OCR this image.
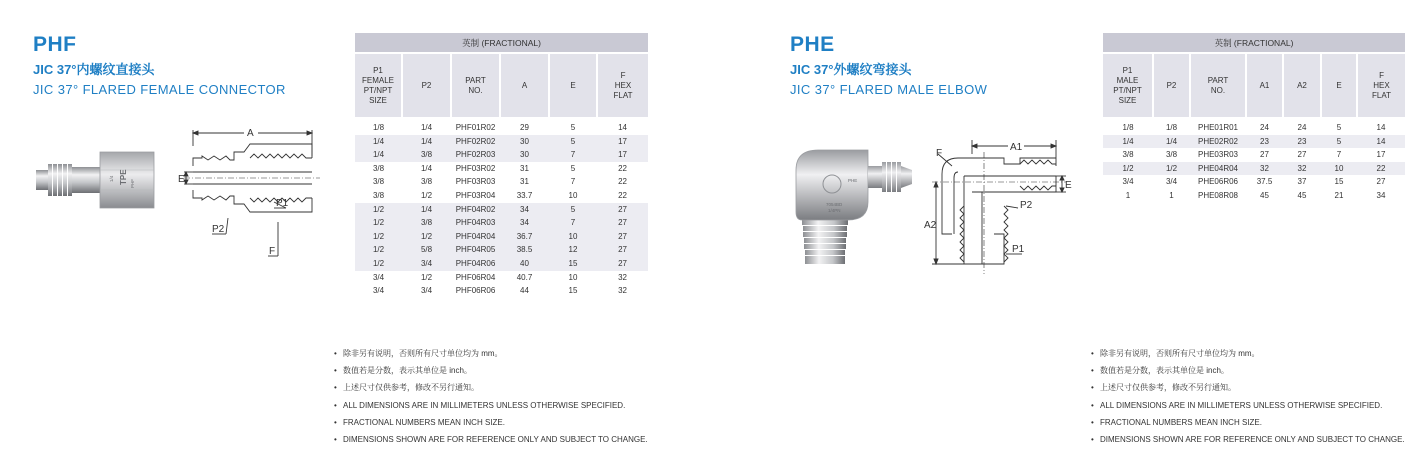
PHF

JIC 37°内螺纹直接头

JIC 37° FLARED FEMALE CONNECTOR

TPE PHF
1/4
A
E
P1
P2
F
英制 (FRACTIONAL)					
P1
FEMALE
PT/NPT
SIZE	P2	PART
NO.	A	E	F
HEX
FLAT
1/8	1/4	PHF01R02	29	5	14
1/4	1/4	PHF02R02	30	5	17
1/4	3/8	PHF02R03	30	7	17
3/8	1/4	PHF03R02	31	5	22
3/8	3/8	PHF03R03	31	7	22
3/8	1/2	PHF03R04	33.7	10	22
1/2	1/4	PHF04R02	34	5	27
1/2	3/8	PHF04R03	34	7	27
1/2	1/2	PHF04R04	36.7	10	27
1/2	5/8	PHF04R05	38.5	12	27
1/2	3/4	PHF04R06	40	15	27
3/4	1/2	PHF06R04	40.7	10	32
3/4	3/4	PHF06R06	44	15	32
• 除非另有说明，否则所有尺寸单位均为 mm。
• 数值若是分数，表示其单位是 inch。
• 上述尺寸仅供参考，修改不另行通知。
• ALL DIMENSIONS ARE IN MILLIMETERS UNLESS OTHERWISE SPECIFIED.
• FRACTIONAL NUMBERS MEAN INCH SIZE.
• DIMENSIONS SHOWN ARE FOR REFERENCE ONLY AND SUBJECT TO CHANGE.
PHE

JIC 37°外螺纹弯接头

JIC 37° FLARED MALE ELBOW

7054BD
1/4PN
PHE
A1
A2
E
F
P2
P1
英制 (FRACTIONAL)						
P1
MALE
PT/NPT
SIZE	P2	PART
NO.	A1	A2	E	F
HEX
FLAT
1/8	1/8	PHE01R01	24	24	5	14
1/4	1/4	PHE02R02	23	23	5	14
3/8	3/8	PHE03R03	27	27	7	17
1/2	1/2	PHE04R04	32	32	10	22
3/4	3/4	PHE06R06	37.5	37	15	27
1	1	PHE08R08	45	45	21	34
• 除非另有说明，否则所有尺寸单位均为 mm。
• 数值若是分数，表示其单位是 inch。
• 上述尺寸仅供参考，修改不另行通知。
• ALL DIMENSIONS ARE IN MILLIMETERS UNLESS OTHERWISE SPECIFIED.
• FRACTIONAL NUMBERS MEAN INCH SIZE.
• DIMENSIONS SHOWN ARE FOR REFERENCE ONLY AND SUBJECT TO CHANGE.
